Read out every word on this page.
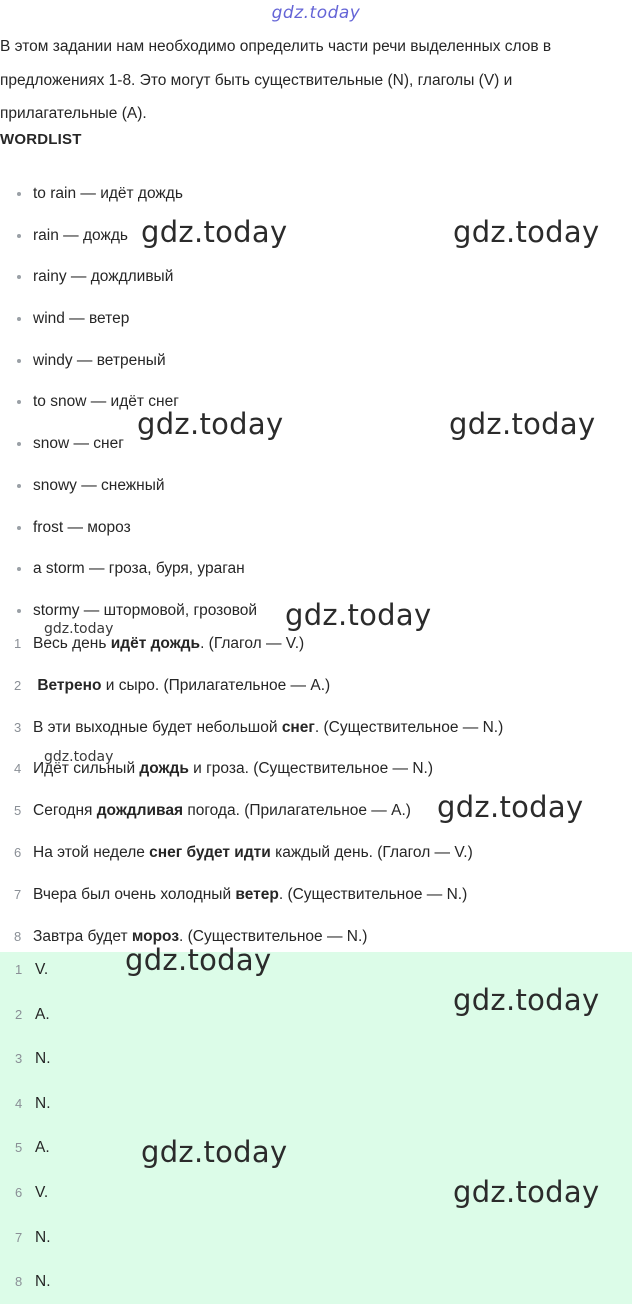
gdz.today
В этом задании нам необходимо определить части речи выделенных слов в
предложениях 1-8. Это могут быть существительные (N), глаголы (V) и
прилагательные (A).
WORDLIST
to rain — идёт дождь
rain — дождь
rainy — дождливый
wind — ветер
windy — ветреный
to snow — идёт снег
snow — снег
snowy — снежный
frost — мороз
a storm — гроза, буря, ураган
stormy — штормовой, грозовой
1 Весь день идёт дождь. (Глагол — V.)
2 Ветрено и сыро. (Прилагательное — A.)
3 В эти выходные будет небольшой снег. (Существительное — N.)
4 Идёт сильный дождь и гроза. (Существительное — N.)
5 Сегодня дождливая погода. (Прилагательное — A.)
6 На этой неделе снег будет идти каждый день. (Глагол — V.)
7 Вчера был очень холодный ветер. (Существительное — N.)
8 Завтра будет мороз. (Существительное — N.)
1 V.
2 A.
3 N.
4 N.
5 A.
6 V.
7 N.
8 N.
gdz.today	gdz.today
gdz.today	gdz.today
gdz.today
gdz.today
gdz.today
gdz.today
gdz.today
gdz.today
gdz.today
gdz.today
